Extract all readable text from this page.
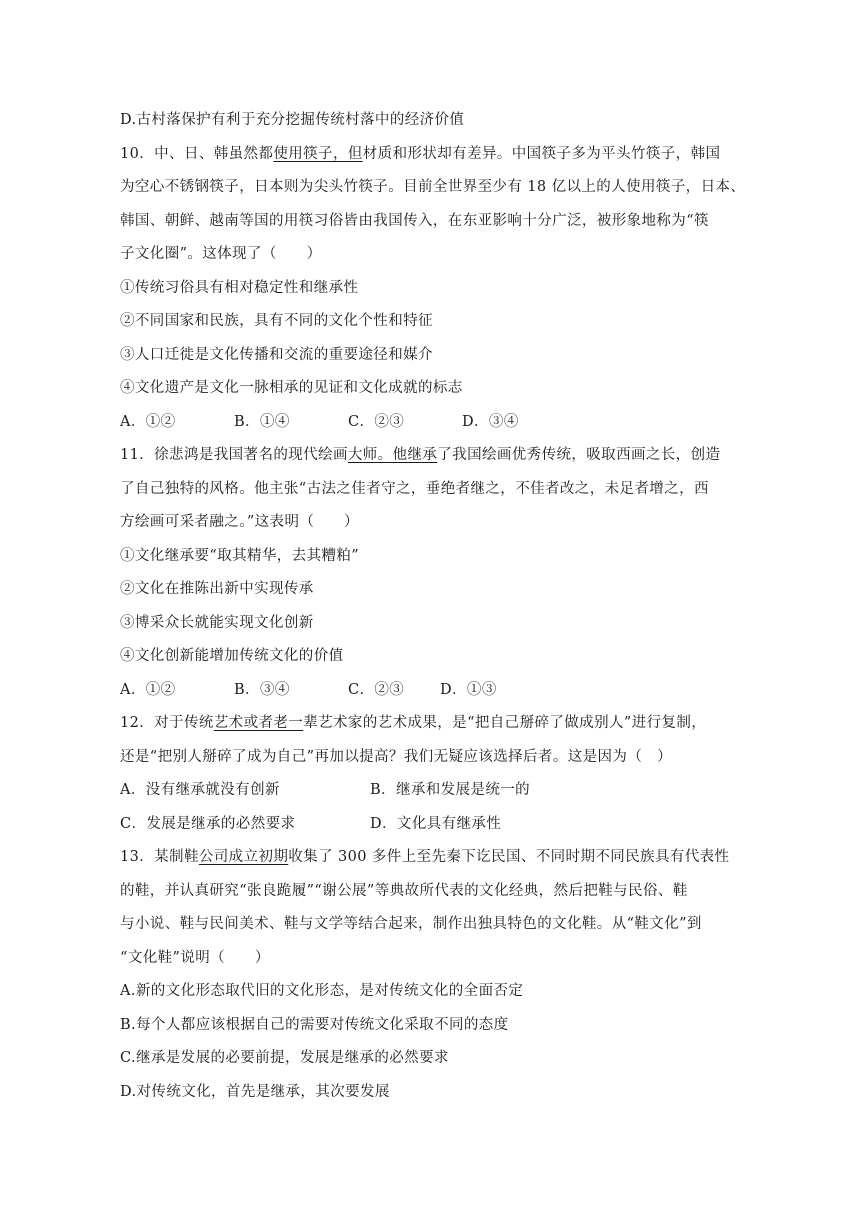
D.古村落保护有利于充分挖掘传统村落中的经济价值
10．中、日、韩虽然都使用筷子，但材质和形状却有差异。中国筷子多为平头竹筷子，韩国
为空心不锈钢筷子，日本则为尖头竹筷子。目前全世界至少有 18 亿以上的人使用筷子，日本、
韩国、朝鲜、越南等国的用筷习俗皆由我国传入，在东亚影响十分广泛，被形象地称为“筷
子文化圈”。这体现了（　　）
①传统习俗具有相对稳定性和继承性
②不同国家和民族，具有不同的文化个性和特征
③人口迁徙是文化传播和交流的重要途径和媒介
④文化遗产是文化一脉相承的见证和文化成就的标志
A．①②	B．①④	C．②③	D．③④
11．徐悲鸿是我国著名的现代绘画大师。他继承了我国绘画优秀传统，吸取西画之长，创造
了自己独特的风格。他主张“古法之佳者守之，垂绝者继之，不佳者改之，未足者增之，西
方绘画可采者融之。”这表明（　　）
①文化继承要“取其精华，去其糟粕”
②文化在推陈出新中实现传承
③博采众长就能实现文化创新
④文化创新能增加传统文化的价值
A．①②	B．③④	C．②③	D．①③
12．对于传统艺术或者老一辈艺术家的艺术成果，是“把自己掰碎了做成别人”进行复制，
还是“把别人掰碎了成为自己”再加以提高？我们无疑应该选择后者。这是因为（　）
A．没有继承就没有创新	B．继承和发展是统一的
C．发展是继承的必然要求	D．文化具有继承性
13．某制鞋公司成立初期收集了 300 多件上至先秦下讫民国、不同时期不同民族具有代表性
的鞋，并认真研究“张良跪履”“谢公展”等典故所代表的文化经典，然后把鞋与民俗、鞋
与小说、鞋与民间美术、鞋与文学等结合起来，制作出独具特色的文化鞋。从“鞋文化”到
“文化鞋”说明（　　）
A.新的文化形态取代旧的文化形态，是对传统文化的全面否定
B.每个人都应该根据自己的需要对传统文化采取不同的态度
C.继承是发展的必要前提，发展是继承的必然要求
D.对传统文化，首先是继承，其次要发展
